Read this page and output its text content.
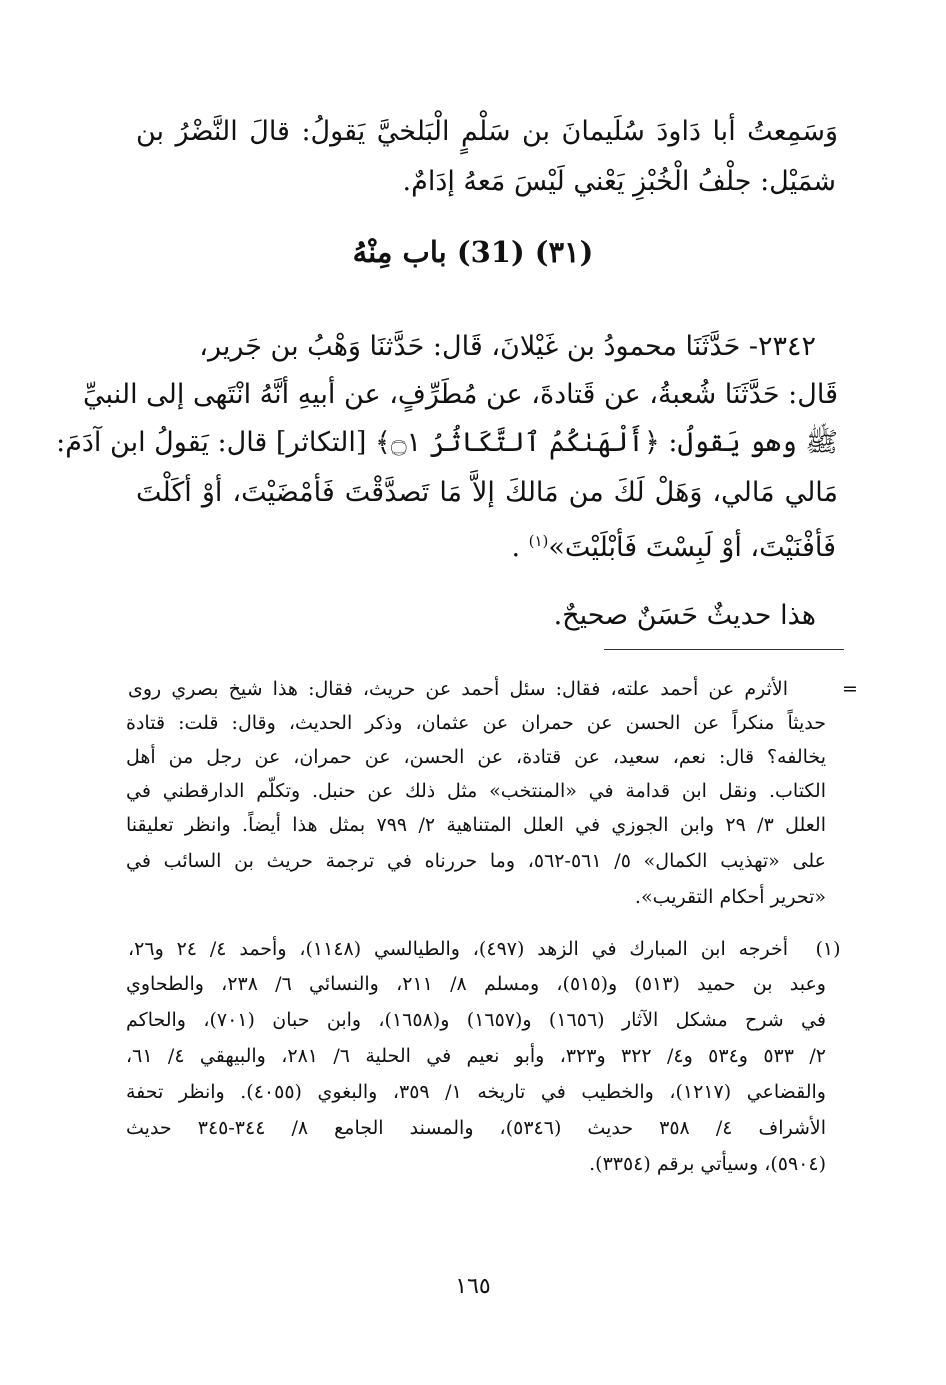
وَسَمِعتُ أبا دَاودَ سُلَيمانَ بن سَلْمٍ الْبَلخيَّ يَقولُ: قالَ النَّضْرُ بن
شمَيْل: جلْفُ الْخُبْزِ يَعْني لَيْسَ مَعهُ إدَامٌ.
(٣١) (31) باب مِنْهُ
٢٣٤٢- حَدَّثَنَا محمودُ بن غَيْلانَ، قَال: حَدَّثنَا وَهْبُ بن جَرير،
قَال: حَدَّثَنَا شُعبةُ، عن قَتادةَ، عن مُطَرِّفٍ، عن أبيهِ أنَّهُ انْتَهى إلى النبيِّ
ﷺ وهو يَقولُ: ﴿أَلْهَىٰكُمُ ٱلتَّكَاثُرُ ۝١﴾ [التكاثر] قال: يَقولُ ابن آدَمَ:
مَالي مَالي، وَهَلْ لَكَ من مَالكَ إلاَّ مَا تَصدَّقْتَ فَأمْضَيْتَ، أوْ أكَلْتَ
فَأفْنَيْتَ، أوْ لَبِسْتَ فَأبْلَيْتَ»$^{(١)}$ .
هذا حديثٌ حَسَنٌ صحيحٌ.
=
الأثرم عن أحمد علته، فقال: سئل أحمد عن حريث، فقال: هذا شيخ بصري روى
حديثاً منكراً عن الحسن عن حمران عن عثمان، وذكر الحديث، وقال: قلت: قتادة
يخالفه؟ قال: نعم، سعيد، عن قتادة، عن الحسن، عن حمران، عن رجل من أهل
الكتاب. ونقل ابن قدامة في «المنتخب» مثل ذلك عن حنبل. وتكلّم الدارقطني في
العلل ٣/ ٢٩ وابن الجوزي في العلل المتناهية ٢/ ٧٩٩ بمثل هذا أيضاً. وانظر تعليقنا
على «تهذيب الكمال» ٥/ ٥٦١-٥٦٢، وما حررناه في ترجمة حريث بن السائب في
«تحرير أحكام التقريب».
(١)
أخرجه ابن المبارك في الزهد (٤٩٧)، والطيالسي (١١٤٨)، وأحمد ٤/ ٢٤ و٢٦،
وعبد بن حميد (٥١٣) و(٥١٥)، ومسلم ٨/ ٢١١، والنسائي ٦/ ٢٣٨، والطحاوي
في شرح مشكل الآثار (١٦٥٦) و(١٦٥٧) و(١٦٥٨)، وابن حبان (٧٠١)، والحاكم
٢/ ٥٣٣ و٥٣٤ و٤/ ٣٢٢ و٣٢٣، وأبو نعيم في الحلية ٦/ ٢٨١، والبيهقي ٤/ ٦١،
والقضاعي (١٢١٧)، والخطيب في تاريخه ١/ ٣٥٩، والبغوي (٤٠٥٥). وانظر تحفة
الأشراف ٤/ ٣٥٨ حديث (٥٣٤٦)، والمسند الجامع ٨/ ٣٤٤-٣٤٥ حديث
(٥٩٠٤)، وسيأتي برقم (٣٣٥٤).
١٦٥
